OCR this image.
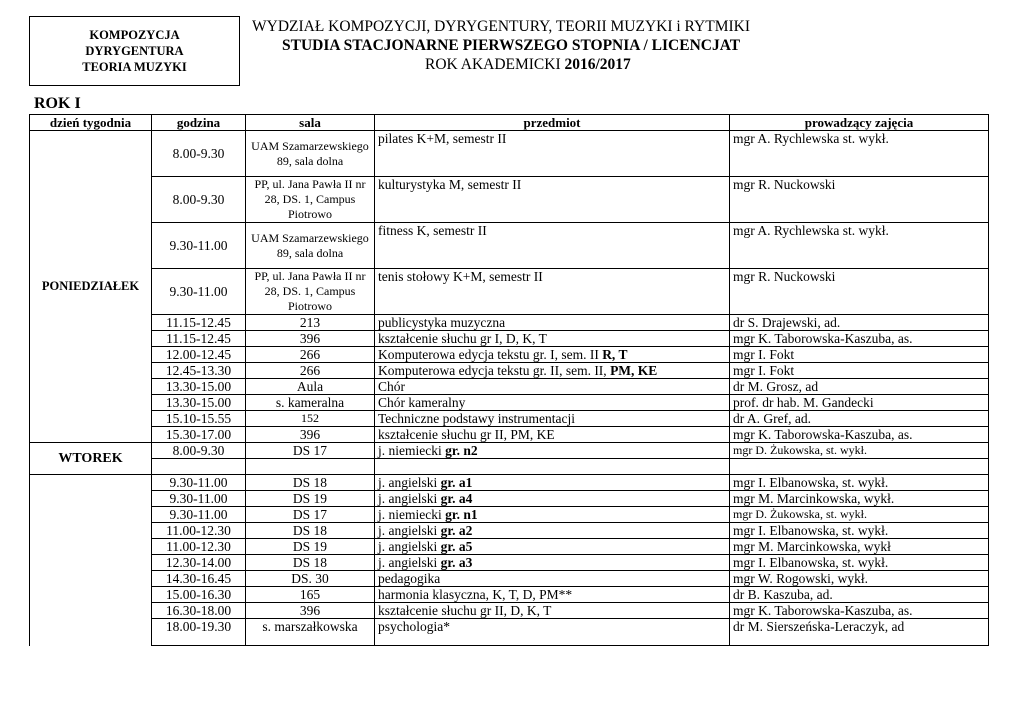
KOMPOZYCJA
DYRYGENTURA
TEORIA MUZYKI
WYDZIAŁ KOMPOZYCJI, DYRYGENTURY, TEORII MUZYKI i RYTMIKI
STUDIA STACJONARNE PIERWSZEGO STOPNIA / LICENCJAT
ROK AKADEMICKI 2016/2017
ROK I
dzień tygodnia	godzina	sala	przedmiot	prowadzący zajęcia
PONIEDZIAŁEK	8.00-9.30	UAM Szamarzewskiego 89, sala dolna	pilates K+M, semestr II	mgr A. Rychlewska st. wykł.
	8.00-9.30	PP, ul. Jana Pawła II nr 28, DS. 1, Campus Piotrowo	kulturystyka M, semestr II	mgr R. Nuckowski
	9.30-11.00	UAM Szamarzewskiego 89, sala dolna	fitness K, semestr II	mgr A. Rychlewska st. wykł.
	9.30-11.00	PP, ul. Jana Pawła II nr 28, DS. 1, Campus Piotrowo	tenis stołowy K+M, semestr II	mgr R. Nuckowski
	11.15-12.45	213	publicystyka muzyczna	dr S. Drajewski, ad.
	11.15-12.45	396	kształcenie słuchu gr I, D, K, T	mgr K. Taborowska-Kaszuba, as.
	12.00-12.45	266	Komputerowa edycja tekstu gr. I, sem. II R, T	mgr I. Fokt
	12.45-13.30	266	Komputerowa edycja tekstu gr. II, sem. II, PM, KE	mgr I. Fokt
	13.30-15.00	Aula	Chór	dr M. Grosz, ad
	13.30-15.00	s. kameralna	Chór kameralny	prof. dr hab. M. Gandecki
	15.10-15.55	152	Techniczne podstawy instrumentacji	dr A. Gref, ad.
	15.30-17.00	396	kształcenie słuchu gr II, PM, KE	mgr K. Taborowska-Kaszuba, as.
WTOREK	8.00-9.30	DS 17	j. niemiecki gr. n2	mgr D. Żukowska, st. wykł.

	9.30-11.00	DS 18	j. angielski gr. a1	mgr I. Elbanowska, st. wykł.
	9.30-11.00	DS 19	j. angielski gr. a4	mgr M. Marcinkowska, wykł.
	9.30-11.00	DS 17	j. niemiecki gr. n1	mgr D. Żukowska, st. wykł.
	11.00-12.30	DS 18	j. angielski gr. a2	mgr I. Elbanowska, st. wykł.
	11.00-12.30	DS 19	j. angielski gr. a5	mgr M. Marcinkowska, wykł
	12.30-14.00	DS 18	j. angielski gr. a3	mgr I. Elbanowska, st. wykł.
	14.30-16.45	DS. 30	pedagogika	mgr W. Rogowski, wykł.
	15.00-16.30	165	harmonia klasyczna, K, T, D, PM**	dr B. Kaszuba, ad.
	16.30-18.00	396	kształcenie słuchu gr II, D, K, T	mgr K. Taborowska-Kaszuba, as.
	18.00-19.30	s. marszałkowska	psychologia*	dr M. Sierszeńska-Leraczyk, ad
